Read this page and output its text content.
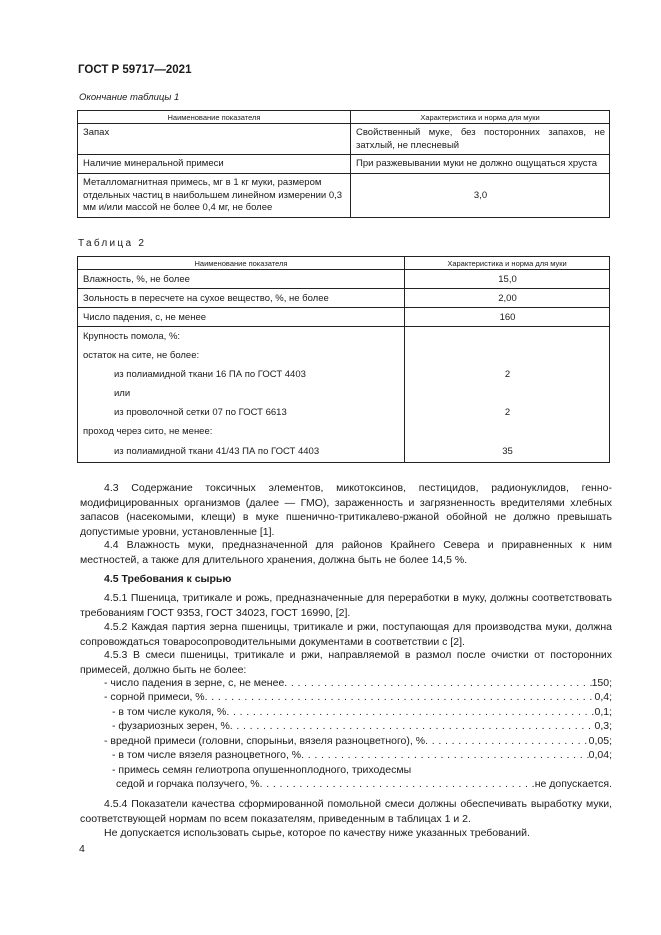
ГОСТ Р 59717—2021
Окончание таблицы 1
Наименование показателя	Характеристика и норма для муки
Запах	Свойственный муке, без посторонних запахов, не затхлый, не плесневый
Наличие минеральной примеси	При разжевывании муки не должно ощущаться хруста
Металломагнитная примесь, мг в 1 кг муки, размером отдельных частиц в наибольшем линейном измерении 0,3 мм и/или массой не более 0,4 мг, не более	3,0
Таблица 2
Наименование показателя	Характеристика и норма для муки
Влажность, %, не более	15,0
Зольность в пересчете на сухое вещество, %, не более	2,00
Число падения, с, не менее	160
Крупность помола, %:	
остаток на сите, не более:	
из полиамидной ткани 16 ПА по ГОСТ 4403	2
или	
из проволочной сетки 07 по ГОСТ 6613	2
проход через сито, не менее:	
из полиамидной ткани 41/43 ПА по ГОСТ 4403	35
4.3 Содержание токсичных элементов, микотоксинов, пестицидов, радионуклидов, генно-модифицированных организмов (далее — ГМО), зараженность и загрязненность вредителями хлебных запасов (насекомыми, клещи) в муке пшенично-тритикалево-ржаной обойной не должно превышать допустимые уровни, установленные [1].
4.4 Влажность муки, предназначенной для районов Крайнего Севера и приравненных к ним местностей, а также для длительного хранения, должна быть не более 14,5 %.
4.5 Требования к сырью
4.5.1 Пшеница, тритикале и рожь, предназначенные для переработки в муку, должны соответствовать требованиям ГОСТ 9353, ГОСТ 34023, ГОСТ 16990, [2].
4.5.2 Каждая партия зерна пшеницы, тритикале и ржи, поступающая для производства муки, должна сопровождаться товаросопроводительными документами в соответствии с [2].
4.5.3 В смеси пшеницы, тритикале и ржи, направляемой в размол после очистки от посторонних примесей, должно быть не более:
- число падения в зерне, с, не менее . . .	150;
- сорной примеси, % . . .	0,4;
- в том числе куколя, % . . .	0,1;
- фузариозных зерен, % . . .	0,3;
- вредной примеси (головни, спорыньи, вязеля разноцветного), % . . .	0,05;
- в том числе вязеля разноцветного, % . . .	0,04;
- примесь семян гелиотропа опушенноплодного, триходесмы
седой и горчака ползучего, % . . .	не допускается.
4.5.4 Показатели качества сформированной помольной смеси должны обеспечивать выработку муки, соответствующей нормам по всем показателям, приведенным в таблицах 1 и 2.
Не допускается использовать сырье, которое по качеству ниже указанных требований.
4
